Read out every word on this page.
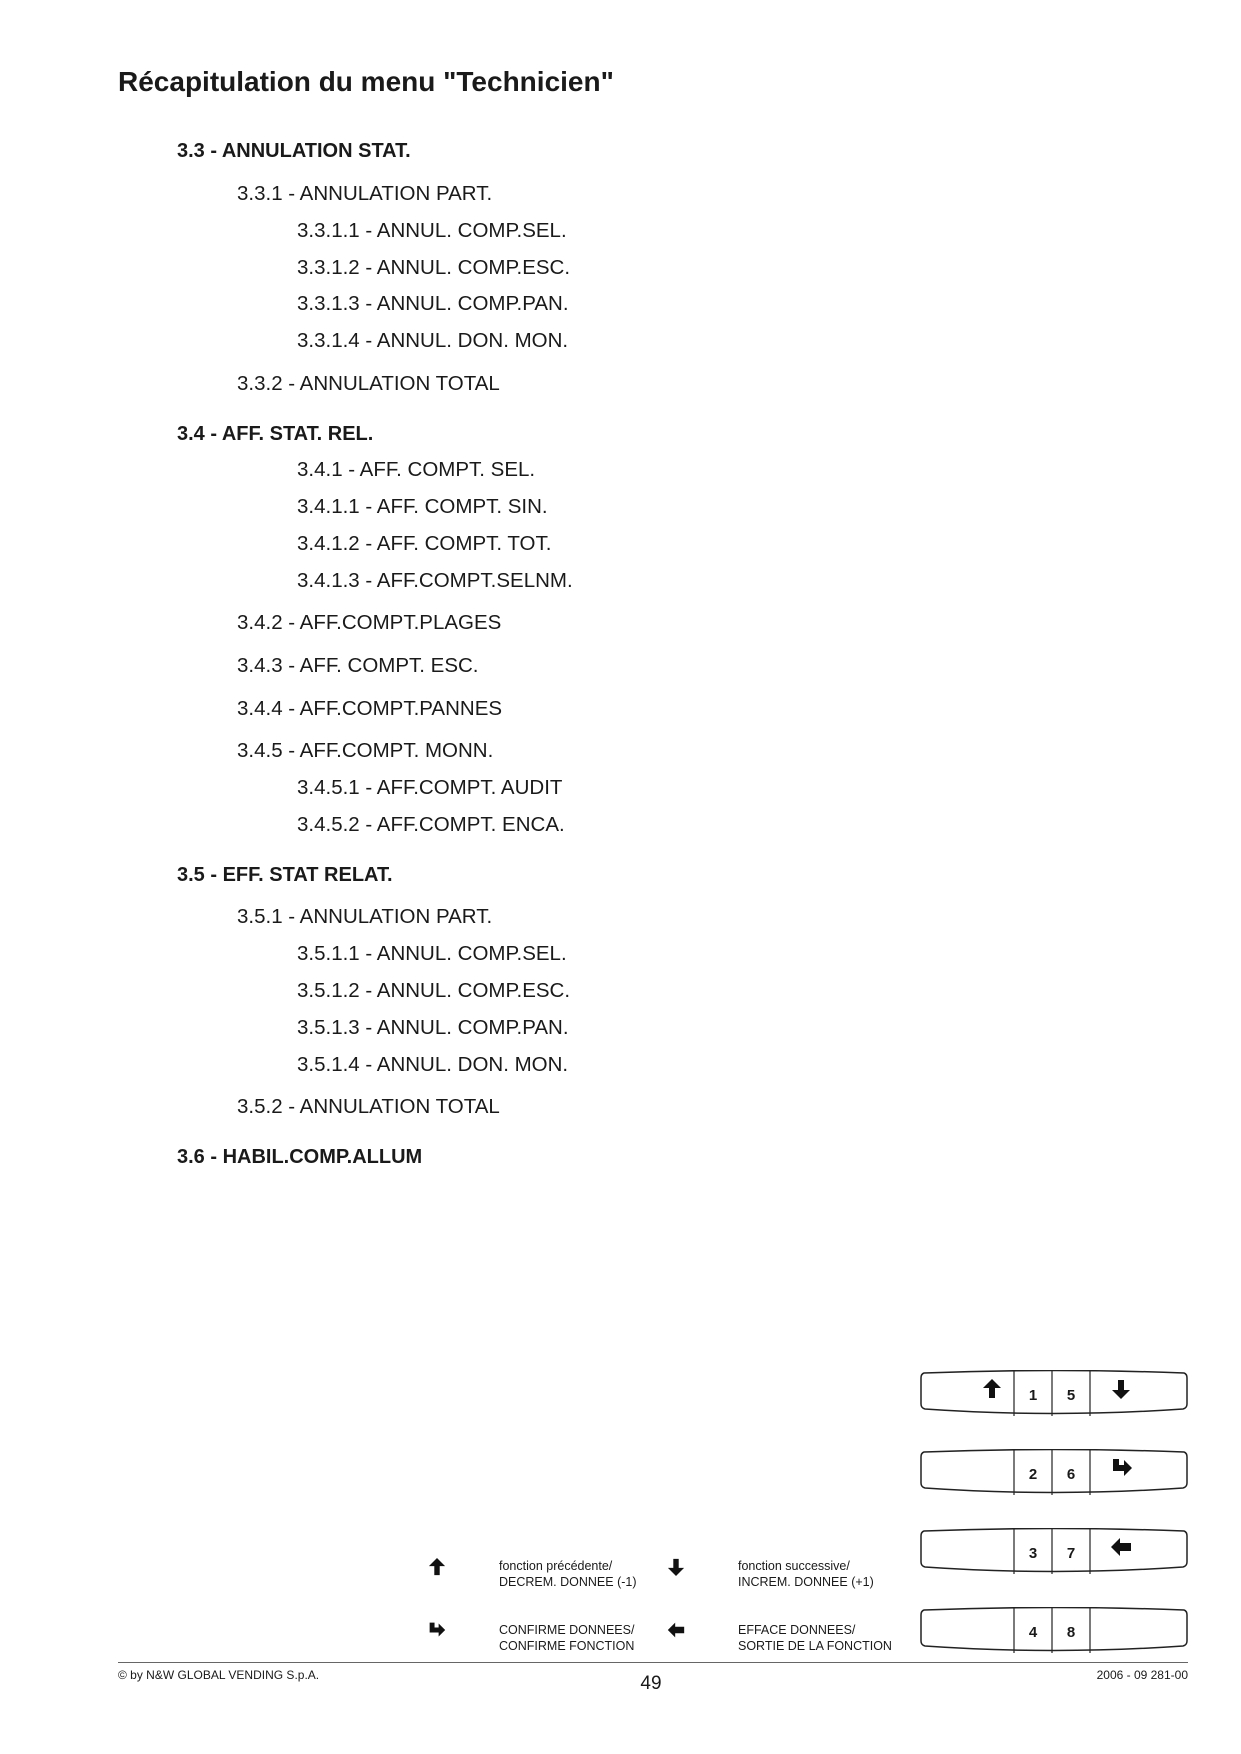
Récapitulation du menu "Technicien"
3.3 - ANNULATION STAT.
3.3.1 - ANNULATION PART.
3.3.1.1 - ANNUL. COMP.SEL.
3.3.1.2 - ANNUL. COMP.ESC.
3.3.1.3 - ANNUL. COMP.PAN.
3.3.1.4 - ANNUL. DON. MON.
3.3.2 - ANNULATION TOTAL
3.4 - AFF. STAT. REL.
3.4.1 - AFF. COMPT. SEL.
3.4.1.1 - AFF. COMPT. SIN.
3.4.1.2 - AFF. COMPT. TOT.
3.4.1.3 - AFF.COMPT.SELNM.
3.4.2 - AFF.COMPT.PLAGES
3.4.3 - AFF. COMPT. ESC.
3.4.4 - AFF.COMPT.PANNES
3.4.5 - AFF.COMPT. MONN.
3.4.5.1 - AFF.COMPT. AUDIT
3.4.5.2 - AFF.COMPT. ENCA.
3.5 - EFF. STAT RELAT.
3.5.1 - ANNULATION PART.
3.5.1.1 - ANNUL. COMP.SEL.
3.5.1.2 - ANNUL. COMP.ESC.
3.5.1.3 - ANNUL. COMP.PAN.
3.5.1.4 - ANNUL. DON. MON.
3.5.2 - ANNULATION TOTAL
3.6 - HABIL.COMP.ALLUM
1	5
2	6
3	7
4	8
fonction précédente/
DECREM. DONNEE (-1)
fonction successive/
INCREM. DONNEE (+1)
CONFIRME DONNEES/
CONFIRME FONCTION
EFFACE DONNEES/
SORTIE DE LA FONCTION
© by N&W GLOBAL VENDING S.p.A.	49	2006 - 09 281-00
